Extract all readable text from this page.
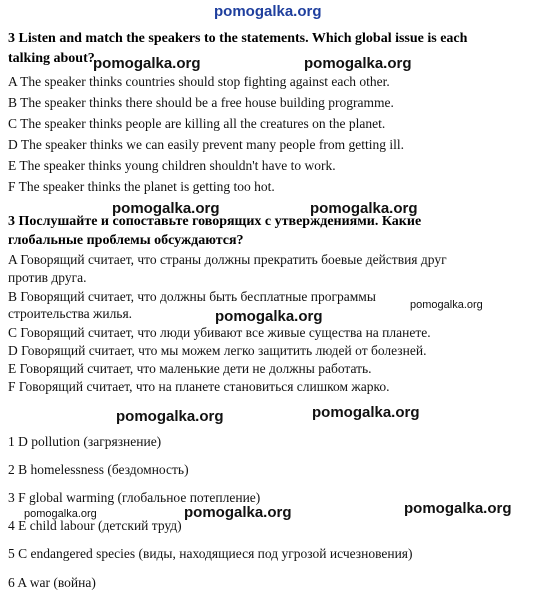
pomogalka.org
3 Listen and match the speakers to the statements. Which global issue is each
talking about?
pomogalka.org	pomogalka.org
A The speaker thinks countries should stop fighting against each other.
B The speaker thinks there should be a free house building programme.
C The speaker thinks people are killing all the creatures on the planet.
D The speaker thinks we can easily prevent many people from getting ill.
E The speaker thinks young children shouldn't have to work.
F The speaker thinks the planet is getting too hot.
pomogalka.org	pomogalka.org
3 Послушайте и сопоставьте говорящих с утверждениями. Какие
глобальные проблемы обсуждаются?
A Говорящий считает, что страны должны прекратить боевые действия друг
против друга.
B Говорящий считает, что должны быть бесплатные программы
pomogalka.org
строительства жилья.	pomogalka.org
C Говорящий считает, что люди убивают все живые существа на планете.
D Говорящий считает, что мы можем легко защитить людей от болезней.
E Говорящий считает, что маленькие дети не должны работать.
F Говорящий считает, что на планете становиться слишком жарко.
pomogalka.org	pomogalka.org
1 D pollution (загрязнение)
2 B homelessness (бездомность)
3 F global warming (глобальное потепление)
pomogalka.org	pomogalka.org	pomogalka.org
4 E child labour (детский труд)
5 C endangered species (виды, находящиеся под угрозой исчезновения)
6 A war (война)
